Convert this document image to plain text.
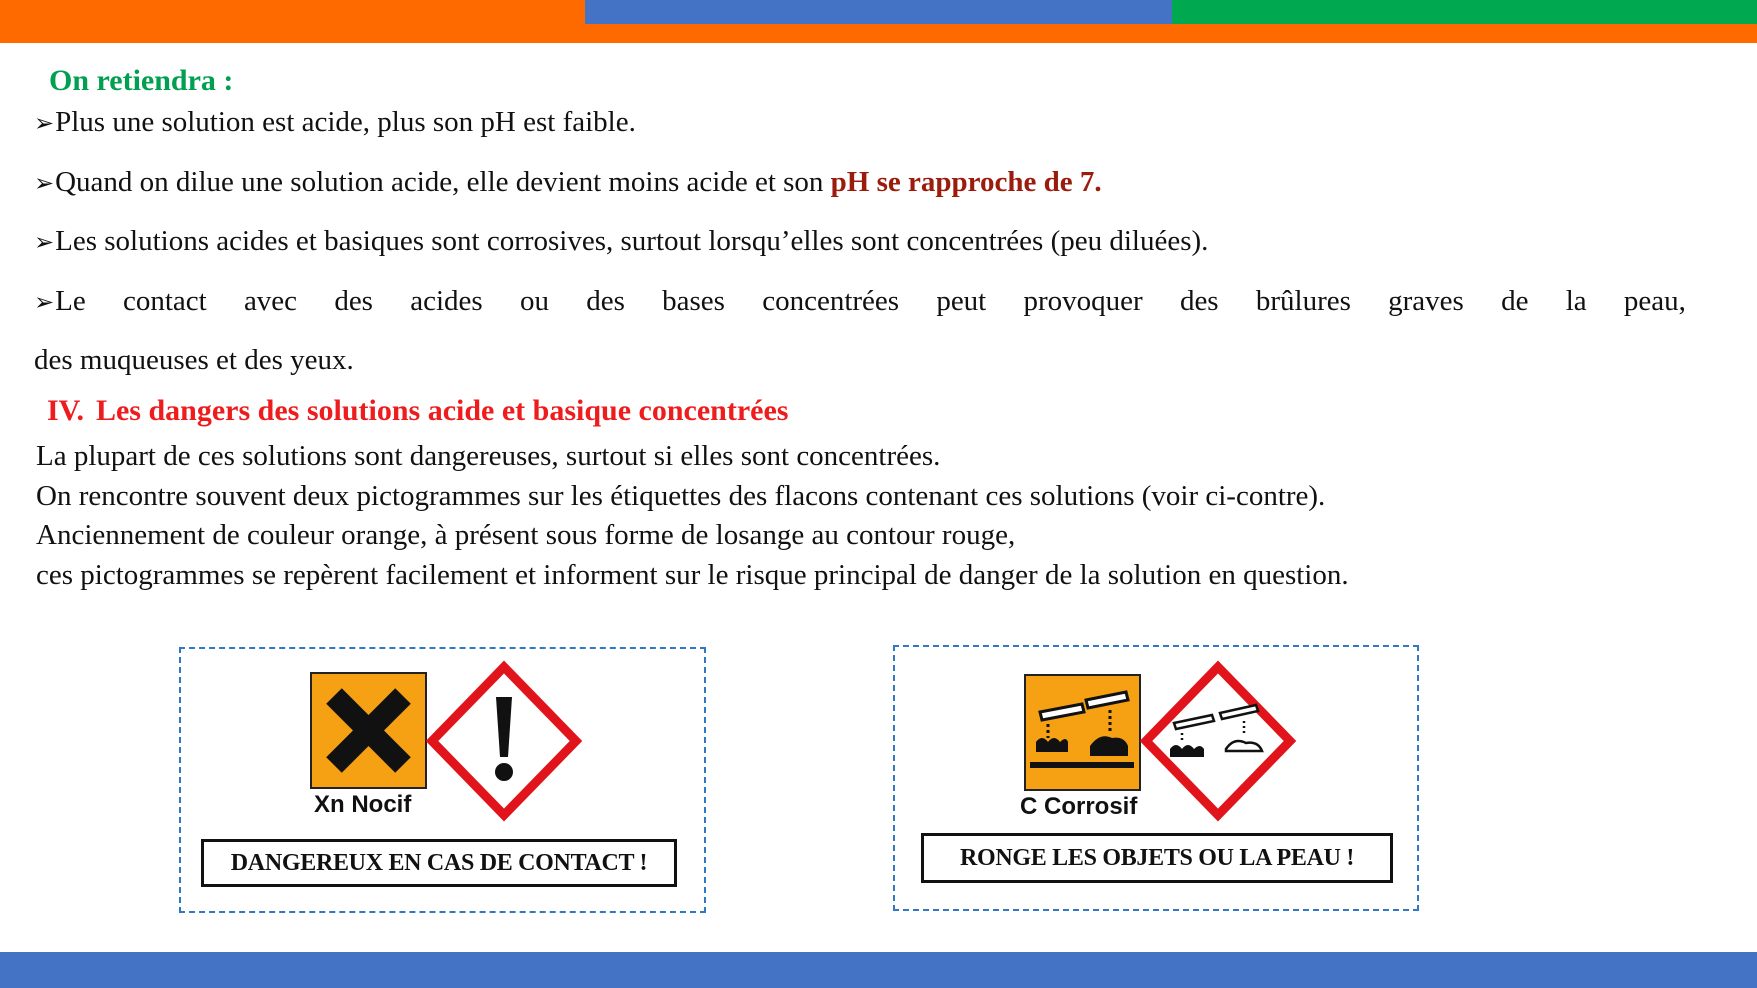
On retiendra :
➢Plus une solution est acide, plus son pH est faible.
➢Quand on dilue une solution acide, elle devient moins acide et son pH se rapproche de 7.
➢Les solutions acides et basiques sont corrosives, surtout lorsqu’elles sont concentrées (peu diluées).
➢Le contact avec des acides ou des bases concentrées peut provoquer des brûlures graves de la peau,
des muqueuses et des yeux.
IV. Les dangers des solutions acide et basique concentrées
La plupart de ces solutions sont dangereuses, surtout si elles sont concentrées.
On rencontre souvent deux pictogrammes sur les étiquettes des flacons contenant ces solutions (voir ci-contre).
Anciennement de couleur orange, à présent sous forme de losange au contour rouge,
ces pictogrammes se repèrent facilement et informent sur le risque principal de danger de la solution en question.
Xn Nocif
DANGEREUX EN CAS DE CONTACT !
C Corrosif
RONGE LES OBJETS OU LA PEAU !
